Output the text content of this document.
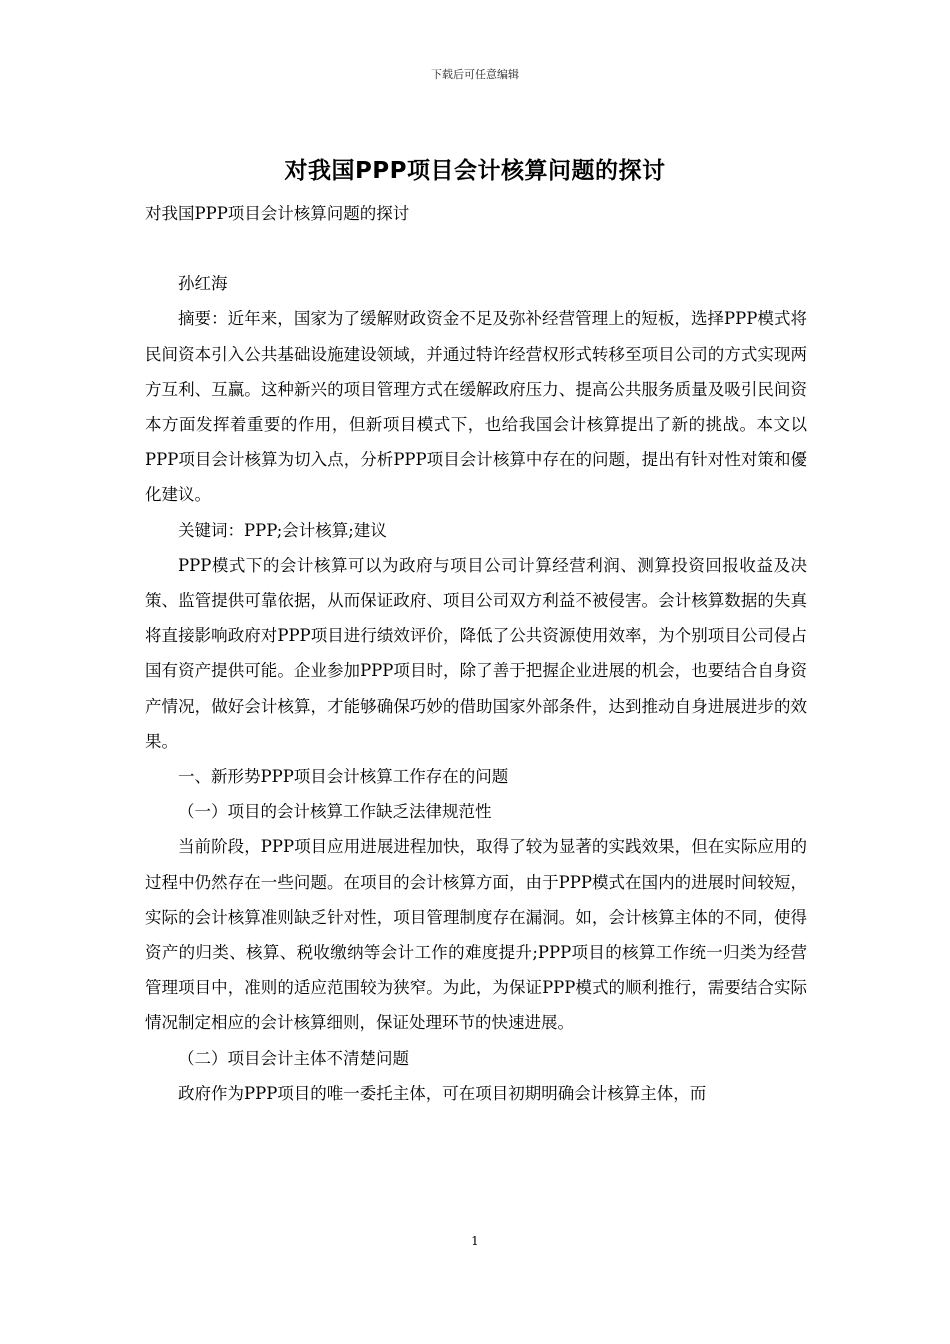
下载后可任意编辑
对我国PPP项目会计核算问题的探讨

对我国PPP项目会计核算问题的探讨

孙红海

摘要：近年来，国家为了缓解财政资金不足及弥补经营管理上的短板，选择PPP模式将民间资本引入公共基础设施建设领域，并通过特许经营权形式转移至项目公司的方式实现两方互利、互赢。这种新兴的项目管理方式在缓解政府压力、提高公共服务质量及吸引民间资本方面发挥着重要的作用，但新项目模式下，也给我国会计核算提出了新的挑战。本文以PPP项目会计核算为切入点，分析PPP项目会计核算中存在的问题，提出有针对性对策和優化建议。

关键词：PPP;会计核算;建议

PPP模式下的会计核算可以为政府与项目公司计算经营利润、测算投资回报收益及决策、监管提供可靠依据，从而保证政府、项目公司双方利益不被侵害。会计核算数据的失真将直接影响政府对PPP项目进行绩效评价，降低了公共资源使用效率，为个别项目公司侵占国有资产提供可能。企业参加PPP项目时，除了善于把握企业进展的机会，也要结合自身资产情况，做好会计核算，才能够确保巧妙的借助国家外部条件，达到推动自身进展进步的效果。

一、新形势PPP项目会计核算工作存在的问题

（一）项目的会计核算工作缺乏法律规范性

当前阶段，PPP项目应用进展进程加快，取得了较为显著的实践效果，但在实际应用的过程中仍然存在一些问题。在项目的会计核算方面，由于PPP模式在国内的进展时间较短，实际的会计核算准则缺乏针对性，项目管理制度存在漏洞。如，会计核算主体的不同，使得资产的归类、核算、税收缴纳等会计工作的难度提升;PPP项目的核算工作统一归类为经营管理项目中，准则的适应范围较为狭窄。为此，为保证PPP模式的顺利推行，需要结合实际情况制定相应的会计核算细则，保证处理环节的快速进展。

（二）项目会计主体不清楚问题

政府作为PPP项目的唯一委托主体，可在项目初期明确会计核算主体，而

1
